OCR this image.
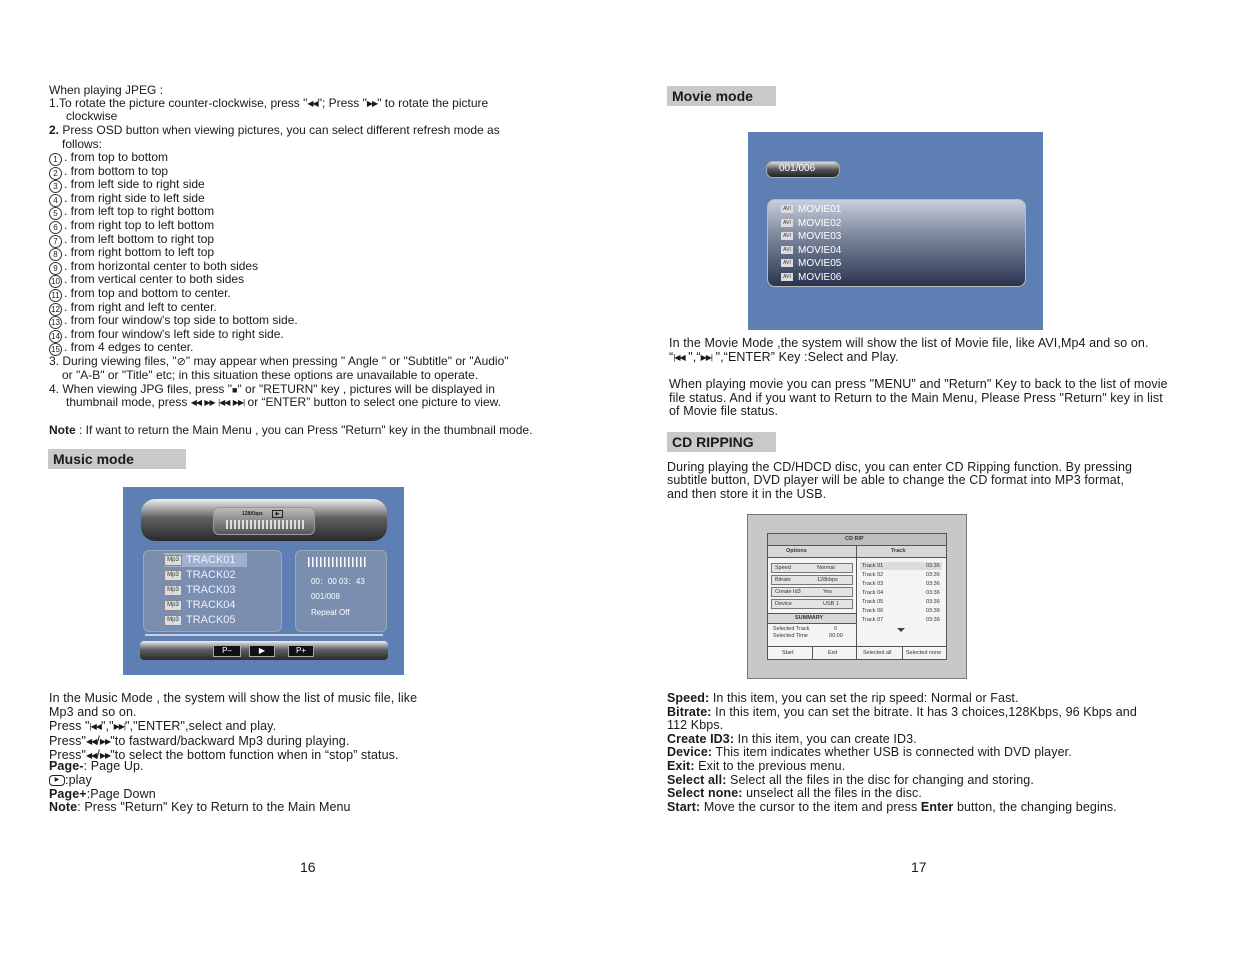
When playing JPEG :
1.To rotate the picture counter-clockwise, press "◀◀"; Press "▶▶" to rotate the picture
clockwise
2. Press OSD button when viewing pictures, you can select different refresh mode as
follows:
1 . from top to bottom
2 . from bottom to top
3 . from left side to right side
4 . from right side to left side
5 . from left top to right bottom
6 . from right top to left bottom
7 . from left bottom to right top
8 . from right bottom to left top
9 . from horizontal center to both sides
10 . from vertical center to both sides
11 . from top and bottom to center.
12 . from right and left to center.
13 . from four window's top side to bottom side.
14 . from four window's left side to right side.
15 . from 4 edges to center.
3. During viewing files, "⊘" may appear when pressing " Angle " or "Subtitle" or "Audio"
or "A-B" or "Title" etc; in this situation these options are unavailable to operate.
4. When viewing JPG files, press "■" or "RETURN" key , pictures will be displayed in
thumbnail mode, press ◀◀ ▶▶ |◀◀ ▶▶| or “ENTER” button to select one picture to view.
Note : If want to return the Main Menu , you can Press "Return" key in the thumbnail mode.
Music mode
128Kbps	▶
Mp3 TRACK01
Mp3 TRACK02
Mp3 TRACK03
Mp3 TRACK04
Mp3 TRACK05
00：00 03：43
001/008
Repeat Off
P–	▶	P+
In the Music Mode , the system will show the list of music file, like
Mp3 and so on.
Press "|◀◀","▶▶|","ENTER",select and play.
Press"◀◀/▶▶"to fastward/backward Mp3 during playing.
Press"◀◀/▶▶"to select the bottom function when in “stop” status.
Page-: Page Up.
▶ :play
Page+:Page Down
Note: Press "Return" Key to Return to the Main Menu
16
Movie mode
001/006
AVI MOVIE01
AVI MOVIE02
AVI MOVIE03
AVI MOVIE04
AVI MOVIE05
AVI MOVIE06
In the Movie Mode ,the system will show the list of Movie file, like AVI,Mp4 and so on.
“|◀◀ ",“▶▶| ",“ENTER” Key :Select and Play.
When playing movie you can press "MENU" and "Return" Key to back to the list of movie
file status. And if you want to Return to the Main Menu, Please Press "Return" key in list
of Movie file status.
CD RIPPING
During playing the CD/HDCD disc, you can enter CD Ripping function. By pressing
subtitle button, DVD player will be able to change the CD format into MP3 format,
and then store it in the USB.
CD RIP
Options	Track
Speed	Normal
Bitrate	128kbps
Create Id3	Yes
Device	USB 1
SUMMARY
Selected Track	0
Selected Time	00:00
Track 01	03:36
Track 02	03:36
Track 03	03:36
Track 04	03:36
Track 05	03:36
Track 06	03:36
Track 07	03:36
Start	Exit	Selected all	Selected none
Speed: In this item, you can set the rip speed: Normal or Fast.
Bitrate: In this item, you can set the bitrate. It has 3 choices,128Kbps, 96 Kbps and
112 Kbps.
Create ID3: In this item, you can create ID3.
Device: This item indicates whether USB is connected with DVD player.
Exit: Exit to the previous menu.
Select all: Select all the files in the disc for changing and storing.
Select none: unselect all the files in the disc.
Start: Move the cursor to the item and press Enter button, the changing begins.
17
